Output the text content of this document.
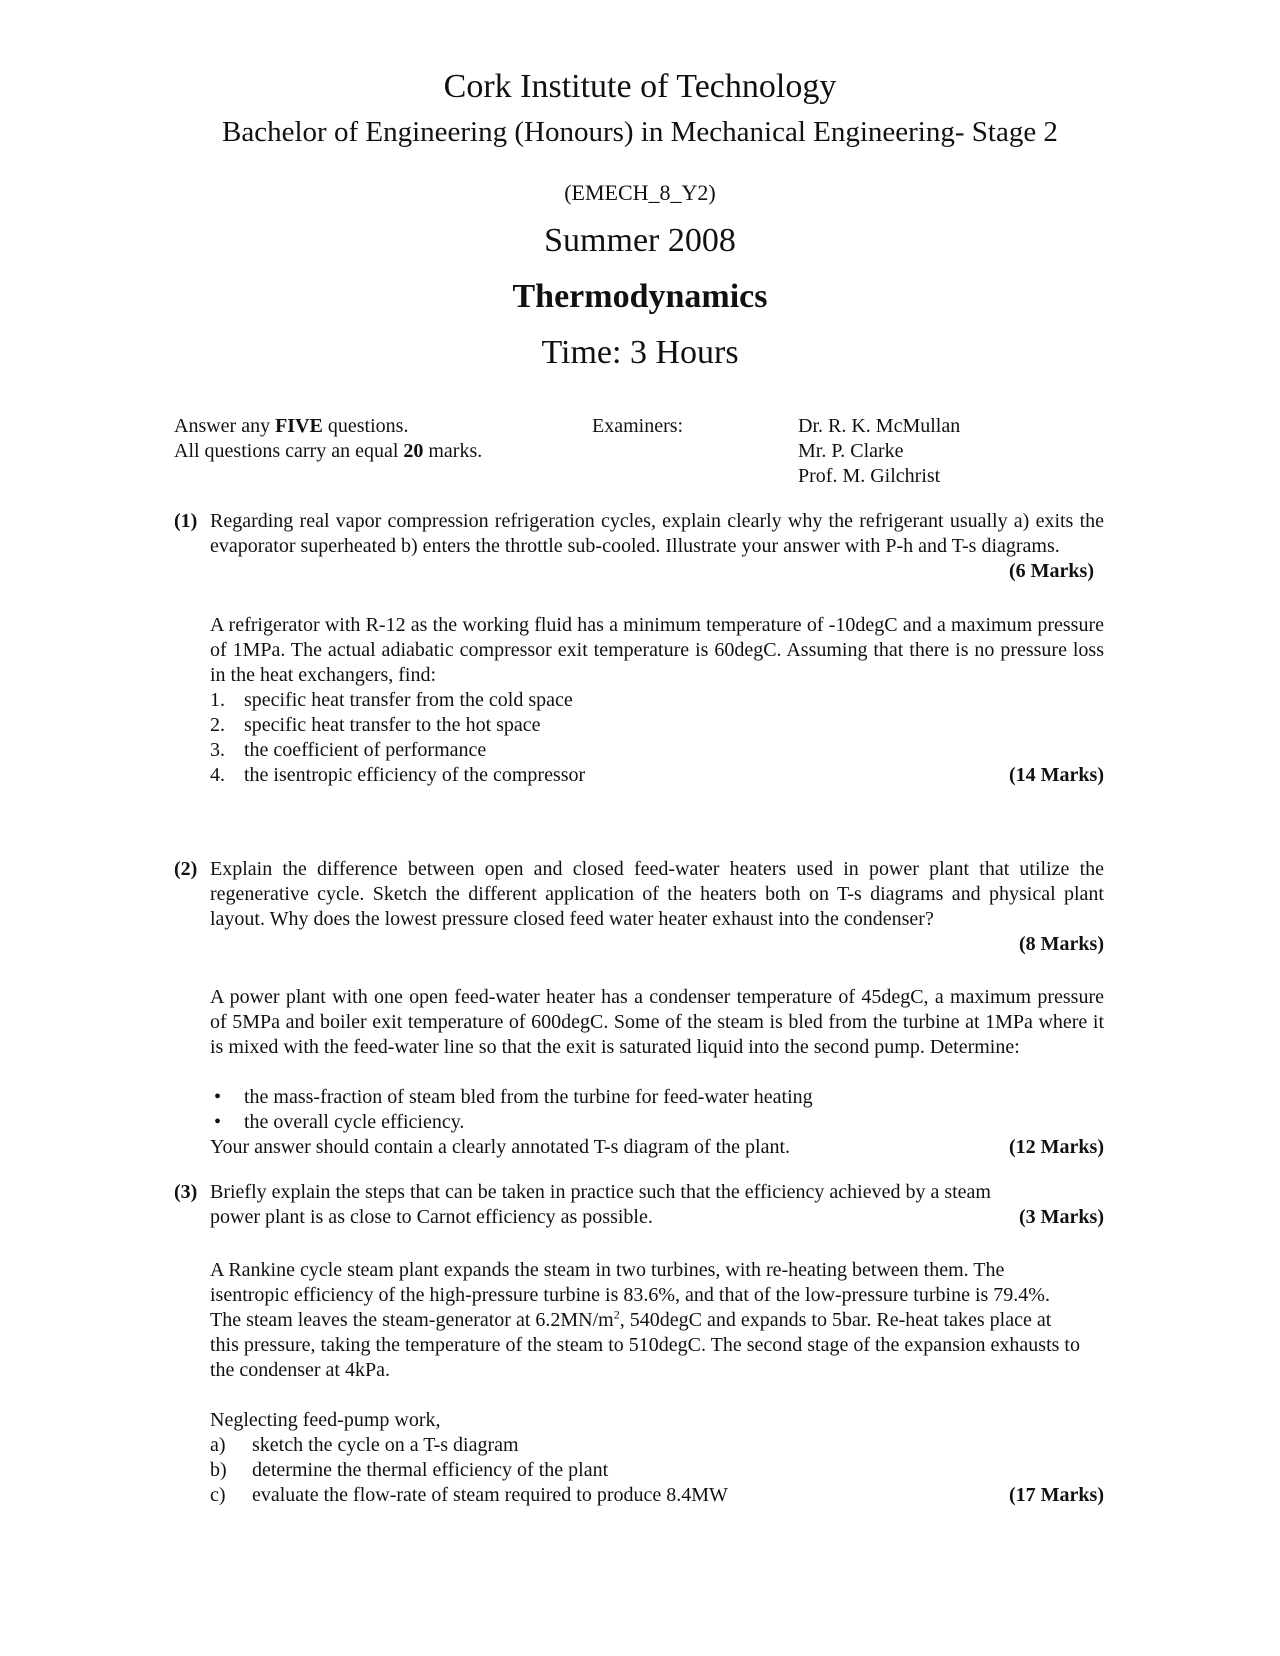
Cork Institute of Technology
Bachelor of Engineering (Honours) in Mechanical Engineering- Stage 2
(EMECH_8_Y2)
Summer 2008
Thermodynamics
Time: 3 Hours
Answer any FIVE questions.
All questions carry an equal 20 marks.
Examiners:	Dr. R. K. McMullan
Mr. P. Clarke
Prof. M. Gilchrist
(1) Regarding real vapor compression refrigeration cycles, explain clearly why the refrigerant usually a) exits the evaporator superheated b) enters the throttle sub-cooled. Illustrate your answer with P-h and T-s diagrams.
(6 Marks)
A refrigerator with R-12 as the working fluid has a minimum temperature of -10degC and a maximum pressure of 1MPa. The actual adiabatic compressor exit temperature is 60degC. Assuming that there is no pressure loss in the heat exchangers, find:
1. specific heat transfer from the cold space
2. specific heat transfer to the hot space
3. the coefficient of performance
4. the isentropic efficiency of the compressor	(14 Marks)
(2) Explain the difference between open and closed feed-water heaters used in power plant that utilize the regenerative cycle. Sketch the different application of the heaters both on T-s diagrams and physical plant layout. Why does the lowest pressure closed feed water heater exhaust into the condenser?
(8 Marks)
A power plant with one open feed-water heater has a condenser temperature of 45degC, a maximum pressure of 5MPa and boiler exit temperature of 600degC. Some of the steam is bled from the turbine at 1MPa where it is mixed with the feed-water line so that the exit is saturated liquid into the second pump. Determine:
•	the mass-fraction of steam bled from the turbine for feed-water heating
•	the overall cycle efficiency.
Your answer should contain a clearly annotated T-s diagram of the plant.	(12 Marks)
(3) Briefly explain the steps that can be taken in practice such that the efficiency achieved by a steam
power plant is as close to Carnot efficiency as possible.	(3 Marks)
A Rankine cycle steam plant expands the steam in two turbines, with re-heating between them. The isentropic efficiency of the high-pressure turbine is 83.6%, and that of the low-pressure turbine is 79.4%. The steam leaves the steam-generator at $6.2MN/m^2$, 540degC and expands to 5bar. Re-heat takes place at this pressure, taking the temperature of the steam to 510degC. The second stage of the expansion exhausts to the condenser at 4kPa.
Neglecting feed-pump work,
a)	sketch the cycle on a T-s diagram
b)	determine the thermal efficiency of the plant
c)	evaluate the flow-rate of steam required to produce 8.4MW	(17 Marks)
